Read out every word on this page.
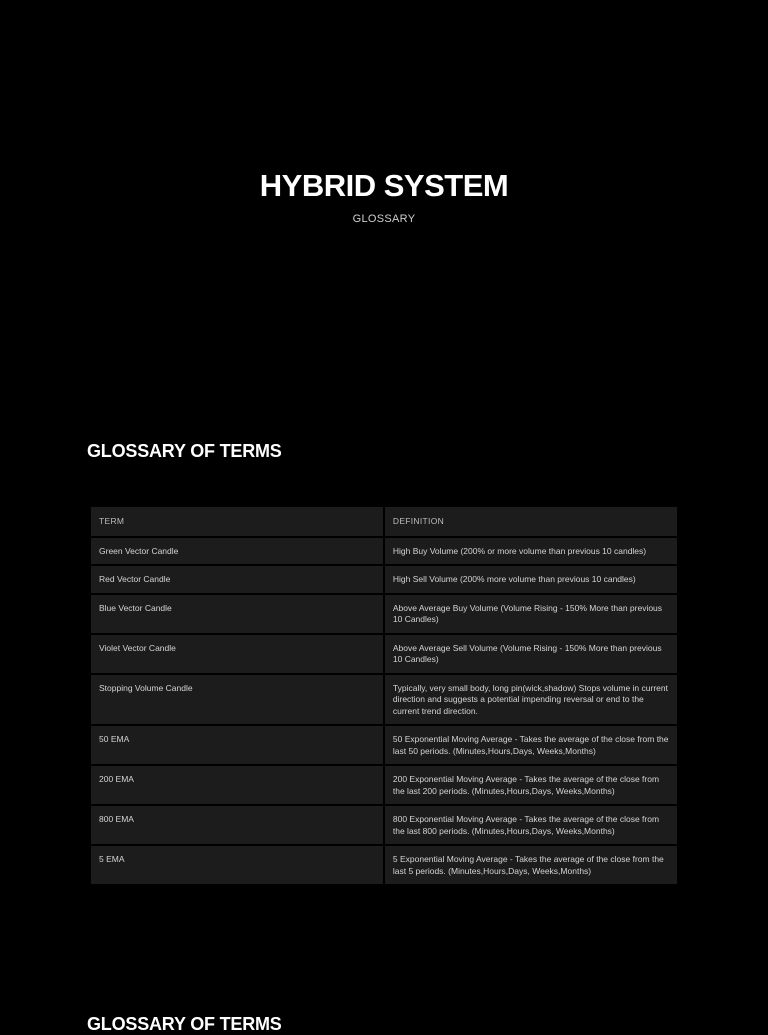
HYBRID SYSTEM

GLOSSARY

GLOSSARY OF TERMS
TERM	DEFINITION
Green Vector Candle	High Buy Volume (200% or more volume than previous 10 candles)
Red Vector Candle	High Sell Volume (200% more volume than previous 10 candles)
Blue Vector Candle	Above Average Buy Volume (Volume Rising - 150% More than previous 10 Candles)
Violet Vector Candle	Above Average Sell Volume (Volume Rising - 150% More than previous 10 Candles)
Stopping Volume Candle	Typically, very small body, long pin(wick,shadow) Stops volume in current direction and suggests a potential impending reversal or end to the current trend direction.
50 EMA	50 Exponential Moving Average - Takes the average of the close from the last 50 periods. (Minutes,Hours,Days, Weeks,Months)
200 EMA	200 Exponential Moving Average - Takes the average of the close from the last 200 periods. (Minutes,Hours,Days, Weeks,Months)
800 EMA	800 Exponential Moving Average - Takes the average of the close from the last 800 periods. (Minutes,Hours,Days, Weeks,Months)
5 EMA	5 Exponential Moving Average - Takes the average of the close from the last 5 periods. (Minutes,Hours,Days, Weeks,Months)
GLOSSARY OF TERMS
